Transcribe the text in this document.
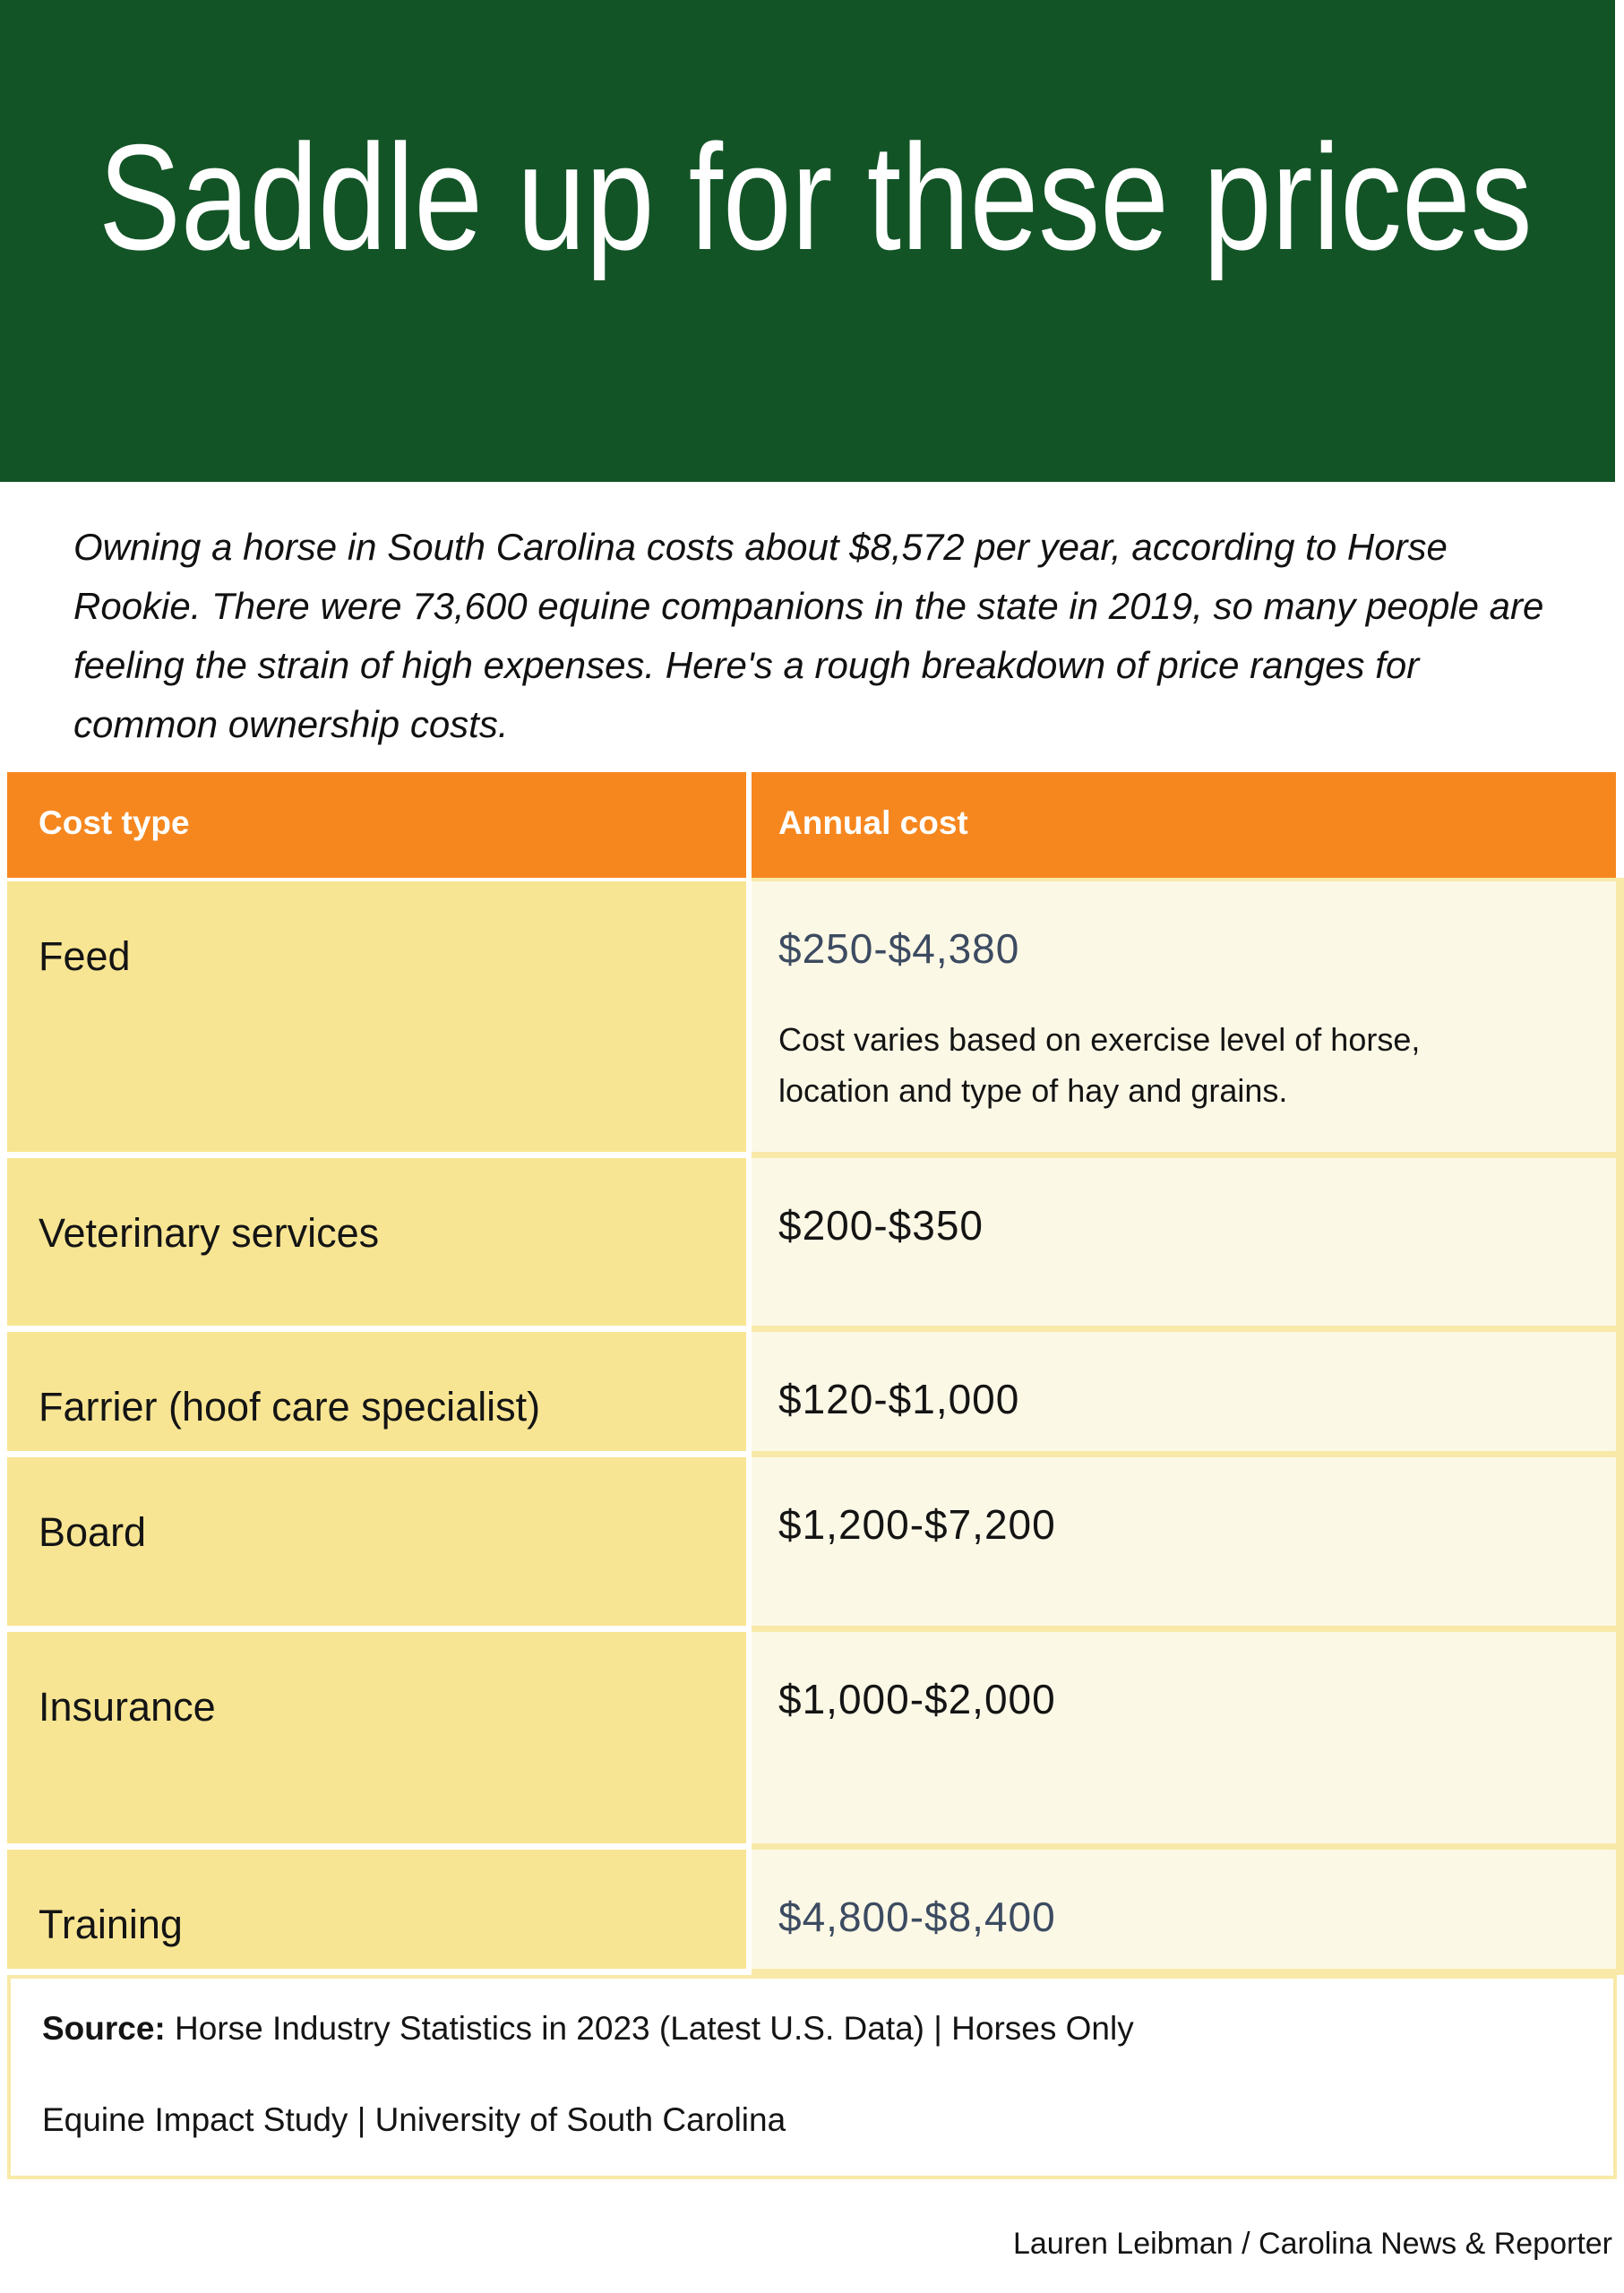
Saddle up for these prices
Owning a horse in South Carolina costs about $8,572 per year, according to Horse
Rookie. There were 73,600 equine companions in the state in 2019, so many people are
feeling the strain of high expenses. Here's a rough breakdown of price ranges for
common ownership costs.
Cost type	Annual cost
Feed	$250-$4,380
Cost varies based on exercise level of horse, location and type of hay and grains.
Veterinary services	$200-$350
Farrier (hoof care specialist)	$120-$1,000
Board	$1,200-$7,200
Insurance	$1,000-$2,000
Training	$4,800-$8,400
Source: Horse Industry Statistics in 2023 (Latest U.S. Data) | Horses Only
Equine Impact Study | University of South Carolina
Lauren Leibman / Carolina News & Reporter
